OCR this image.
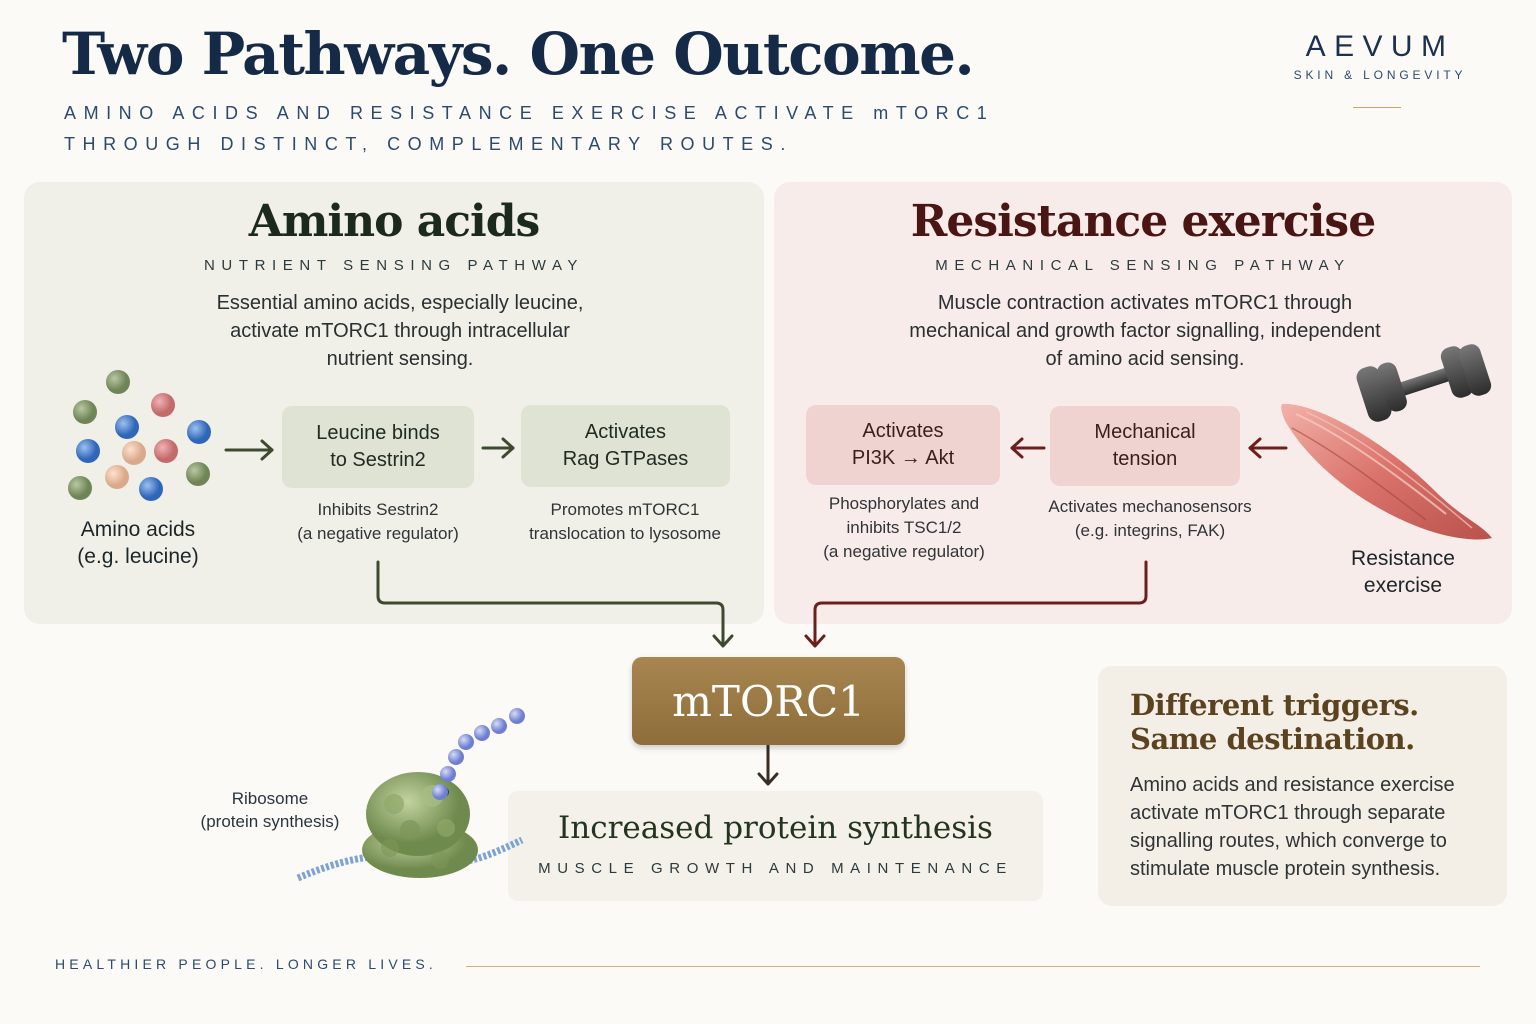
Two Pathways. One Outcome.
AMINO ACIDS AND RESISTANCE EXERCISE ACTIVATE mTORC1
THROUGH DISTINCT, COMPLEMENTARY ROUTES.
AEVUM
SKIN & LONGEVITY
Amino acids
NUTRIENT SENSING PATHWAY
Essential amino acids, especially leucine,
activate mTORC1 through intracellular
nutrient sensing.
Amino acids
(e.g. leucine)
Leucine binds
to Sestrin2
Inhibits Sestrin2
(a negative regulator)
Activates
Rag GTPases
Promotes mTORC1
translocation to lysosome
Resistance exercise
MECHANICAL SENSING PATHWAY
Muscle contraction activates mTORC1 through
mechanical and growth factor signalling, independent
of amino acid sensing.
Activates
PI3K → Akt
Phosphorylates and
inhibits TSC1/2
(a negative regulator)
Mechanical
tension
Activates mechanosensors
(e.g. integrins, FAK)
Resistance
exercise
mTORC1
Increased protein synthesis
MUSCLE GROWTH AND MAINTENANCE
Ribosome
(protein synthesis)
Different triggers.
Same destination.
Amino acids and resistance exercise
activate mTORC1 through separate
signalling routes, which converge to
stimulate muscle protein synthesis.
HEALTHIER PEOPLE. LONGER LIVES.
